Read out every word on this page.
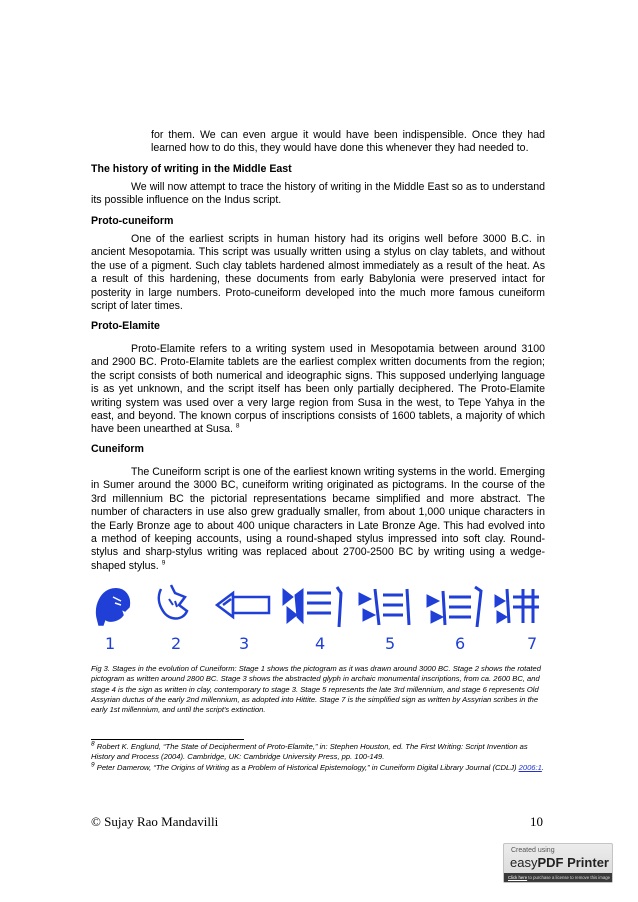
for them. We can even argue it would have been indispensible. Once they had learned how to do this, they would have done this whenever they had needed to.

The history of writing in the Middle East

We will now attempt to trace the history of writing in the Middle East so as to understand its possible influence on the Indus script.

Proto-cuneiform

One of the earliest scripts in human history had its origins well before 3000 B.C. in ancient Mesopotamia. This script was usually written using a stylus on clay tablets, and without the use of a pigment. Such clay tablets hardened almost immediately as a result of the heat. As a result of this hardening, these documents from early Babylonia were preserved intact for posterity in large numbers. Proto-cuneiform developed into the much more famous cuneiform script of later times.

Proto-Elamite

Proto-Elamite refers to a writing system used in Mesopotamia between around 3100 and 2900 BC. Proto-Elamite tablets are the earliest complex written documents from the region; the script consists of both numerical and ideographic signs. This supposed underlying language is as yet unknown, and the script itself has been only partially deciphered. The Proto-Elamite writing system was used over a very large region from Susa in the west, to Tepe Yahya in the east, and beyond. The known corpus of inscriptions consists of 1600 tablets, a majority of which have been unearthed at Susa. $^8$

Cuneiform

The Cuneiform script is one of the earliest known writing systems in the world. Emerging in Sumer around the 3000 BC, cuneiform writing originated as pictograms. In the course of the 3rd millennium BC the pictorial representations became simplified and more abstract. The number of characters in use also grew gradually smaller, from about 1,000 unique characters in the Early Bronze age to about 400 unique characters in Late Bronze Age. This had evolved into a method of keeping accounts, using a round-shaped stylus impressed into soft clay. Round-stylus and sharp-stylus writing was replaced about 2700-2500 BC by writing using a wedge-shaped stylus. $^9$

1	2	3	4	5	6	7

Fig 3. Stages in the evolution of Cuneiform: Stage 1 shows the pictogram as it was drawn around 3000 BC. Stage 2 shows the rotated pictogram as written around 2800 BC. Stage 3 shows the abstracted glyph in archaic monumental inscriptions, from ca. 2600 BC, and stage 4 is the sign as written in clay, contemporary to stage 3. Stage 5 represents the late 3rd millennium, and stage 6 represents Old Assyrian ductus of the early 2nd millennium, as adopted into Hittite. Stage 7 is the simplified sign as written by Assyrian scribes in the early 1st millennium, and until the script's extinction.

$^8$ Robert K. Englund, “The State of Decipherment of Proto-Elamite,” in: Stephen Houston, ed. The First Writing: Script Invention as History and Process (2004). Cambridge, UK: Cambridge University Press, pp. 100-149.

$^9$ Peter Damerow, “The Origins of Writing as a Problem of Historical Epistemology,” in Cuneiform Digital Library Journal (CDLJ) 2006:1.

© Sujay Rao Mandavilli	10
Created using
easyPDF Printer
Click here to purchase a license to remove this image
